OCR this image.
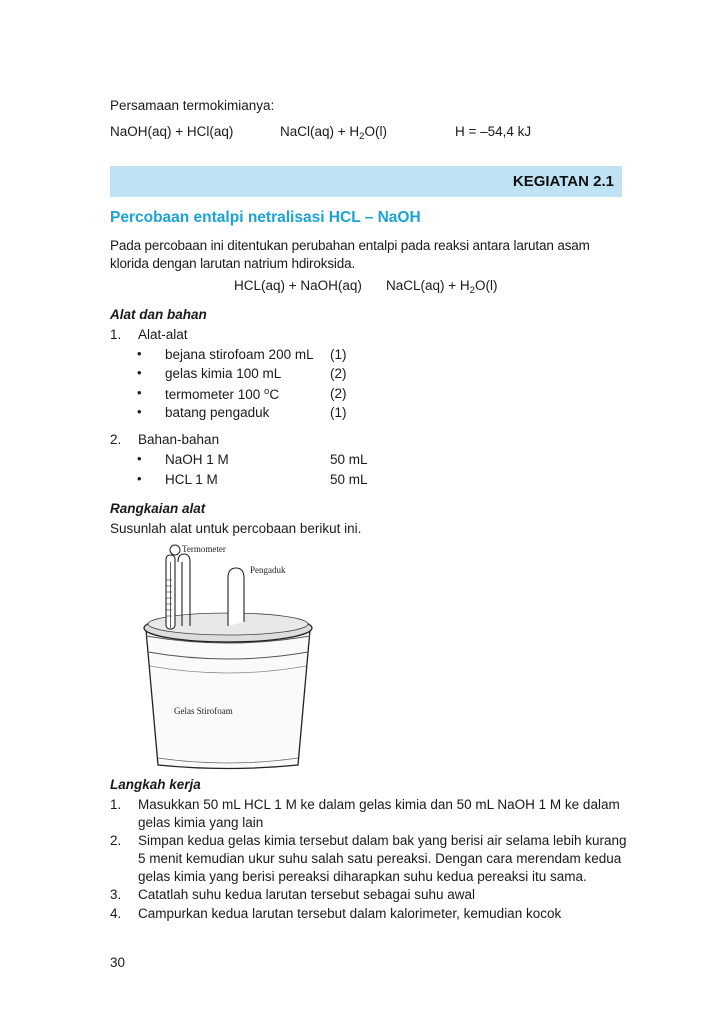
Persamaan termokimianya:
NaOH(aq) + HCl(aq)	NaCl(aq) + $H_2O(l)$	H = –54,4 kJ
KEGIATAN 2.1
Percobaan entalpi netralisasi HCL – NaOH
Pada percobaan ini ditentukan perubahan entalpi pada reaksi antara larutan asam klorida dengan larutan natrium hdiroksida.
HCL(aq) + NaOH(aq) NaCL(aq) + $H_2O(l)$
Alat dan bahan
1. Alat-alat
• bejana stirofoam 200 mL (1)
• gelas kimia 100 mL	(2)
• termometer 100 $^o$C	(2)
• batang pengaduk	(1)
2. Bahan-bahan
• NaOH 1 M	50 mL
• HCL 1 M	50 mL
Rangkaian alat
Susunlah alat untuk percobaan berikut ini.
Termometer
Pengaduk
Gelas Stirofoam
Langkah kerja
1. Masukkan 50 mL HCL 1 M ke dalam gelas kimia dan 50 mL NaOH 1 M ke dalam
gelas kimia yang lain
2. Simpan kedua gelas kimia tersebut dalam bak yang berisi air selama lebih kurang
5 menit kemudian ukur suhu salah satu pereaksi. Dengan cara merendam kedua
gelas kimia yang berisi pereaksi diharapkan suhu kedua pereaksi itu sama.
3. Catatlah suhu kedua larutan tersebut sebagai suhu awal
4. Campurkan kedua larutan tersebut dalam kalorimeter, kemudian kocok
30
